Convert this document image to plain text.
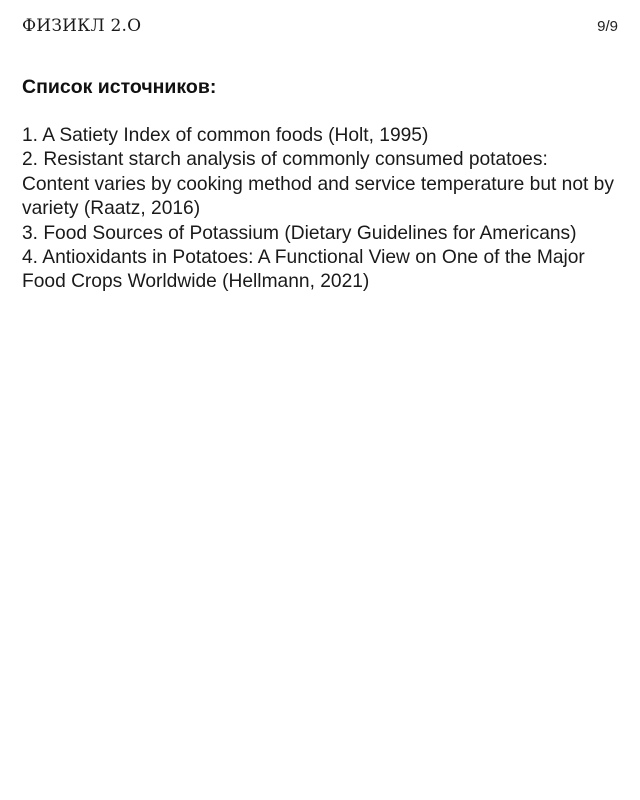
ФИЗИКЛ 2.О	9/9
Список источников:
1. A Satiety Index of common foods (Holt, 1995)
2. Resistant starch analysis of commonly consumed potatoes: Content varies by cooking method and service temperature but not by variety (Raatz, 2016)
3. Food Sources of Potassium (Dietary Guidelines for Americans)
4. Antioxidants in Potatoes: A Functional View on One of the Major Food Crops Worldwide (Hellmann, 2021)
